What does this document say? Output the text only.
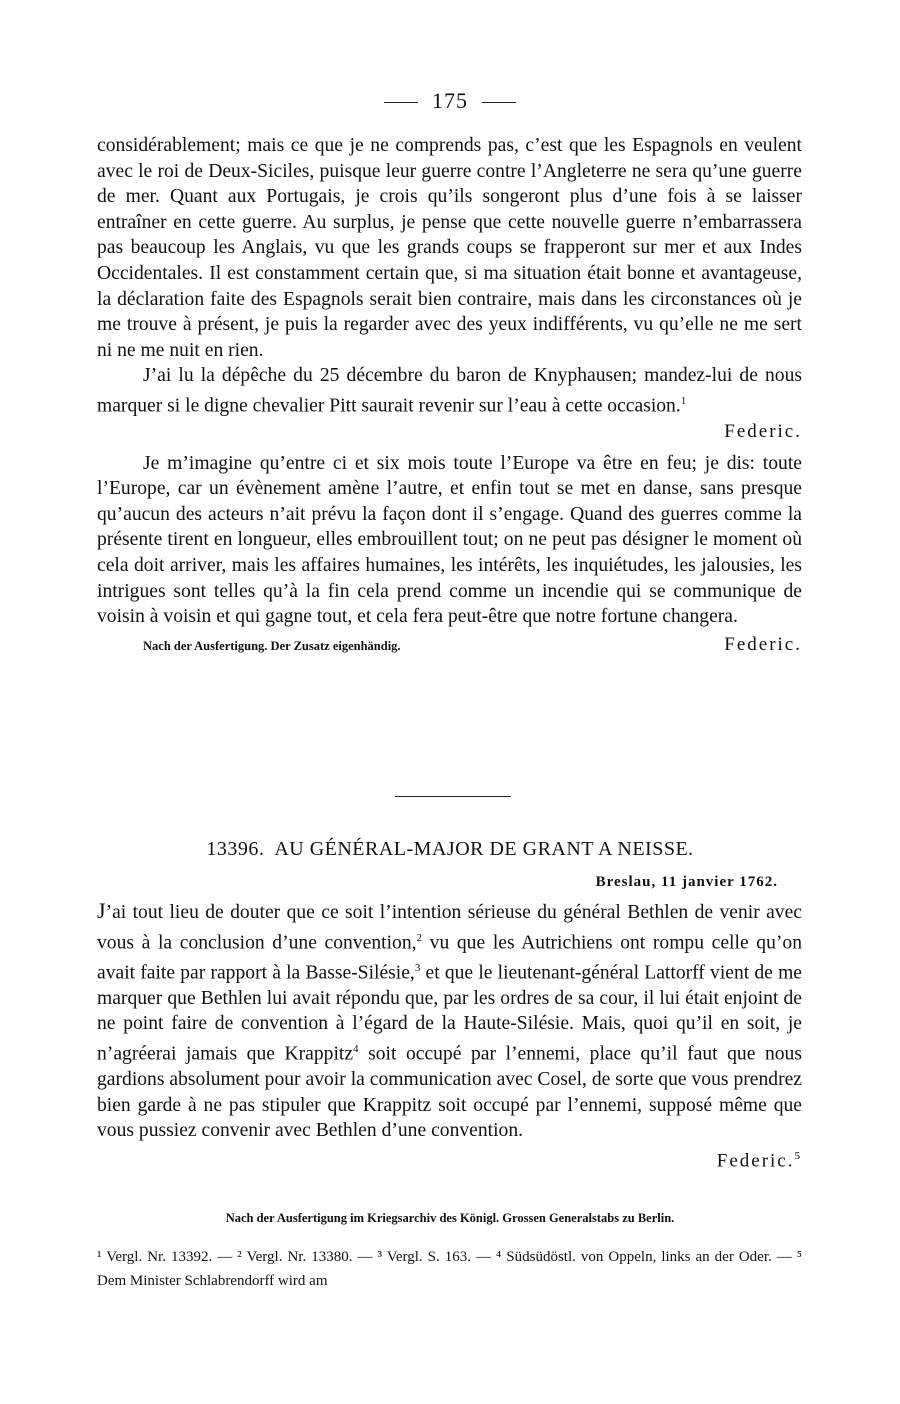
175

considérablement; mais ce que je ne comprends pas, c’est que les Espagnols en veulent avec le roi de Deux-Siciles, puisque leur guerre contre l’Angleterre ne sera qu’une guerre de mer. Quant aux Portugais, je crois qu’ils songeront plus d’une fois à se laisser entraîner en cette guerre. Au surplus, je pense que cette nouvelle guerre n’embarrassera pas beaucoup les Anglais, vu que les grands coups se frapperont sur mer et aux Indes Occidentales. Il est constamment certain que, si ma situation était bonne et avantageuse, la déclaration faite des Espagnols serait bien contraire, mais dans les circonstances où je me trouve à présent, je puis la regarder avec des yeux indifférents, vu qu’elle ne me sert ni ne me nuit en rien.

J’ai lu la dépêche du 25 décembre du baron de Knyphausen; mandez-lui de nous marquer si le digne chevalier Pitt saurait revenir sur l’eau à cette occasion.$^1$

Federic.

Je m’imagine qu’entre ci et six mois toute l’Europe va être en feu; je dis: toute l’Europe, car un évènement amène l’autre, et enfin tout se met en danse, sans presque qu’aucun des acteurs n’ait prévu la façon dont il s’engage. Quand des guerres comme la présente tirent en longueur, elles embrouillent tout; on ne peut pas désigner le moment où cela doit arriver, mais les affaires humaines, les intérêts, les inquiétudes, les jalousies, les intrigues sont telles qu’à la fin cela prend comme un incendie qui se communique de voisin à voisin et qui gagne tout, et cela fera peut-être que notre fortune changera.

Nach der Ausfertigung. Der Zusatz eigenhändig.	Federic.

13396. AU GÉNÉRAL-MAJOR DE GRANT A NEISSE.
Breslau, 11 janvier 1762.

J’ai tout lieu de douter que ce soit l’intention sérieuse du général Bethlen de venir avec vous à la conclusion d’une convention,$^2$ vu que les Autrichiens ont rompu celle qu’on avait faite par rapport à la Basse-Silésie,$^3$ et que le lieutenant-général Lattorff vient de me marquer que Bethlen lui avait répondu que, par les ordres de sa cour, il lui était enjoint de ne point faire de convention à l’égard de la Haute-Silésie. Mais, quoi qu’il en soit, je n’agréerai jamais que Krappitz$^4$ soit occupé par l’ennemi, place qu’il faut que nous gardions absolument pour avoir la communication avec Cosel, de sorte que vous prendrez bien garde à ne pas stipuler que Krappitz soit occupé par l’ennemi, supposé même que vous pussiez convenir avec Bethlen d’une convention.

Federic.$^5$

Nach der Ausfertigung im Kriegsarchiv des Königl. Grossen Generalstabs zu Berlin.
¹ Vergl. Nr. 13392. — ² Vergl. Nr. 13380. — ³ Vergl. S. 163. — ⁴ Südsüdöstl. von Oppeln, links an der Oder. — ⁵ Dem Minister Schlabrendorff wird am
